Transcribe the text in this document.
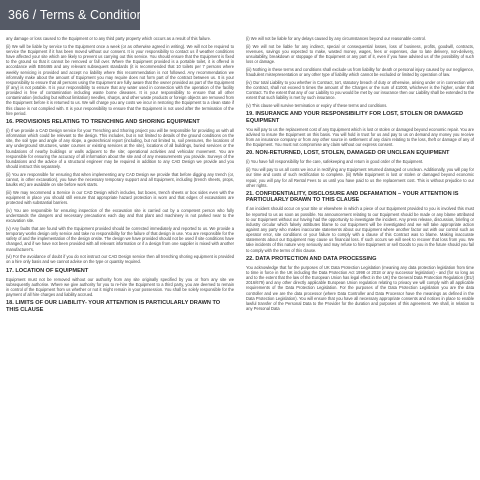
366
/
Terms & Conditions
any damage or loss caused to the Equipment or to any third party property which occurs as a result of this failure.
(ii) We will be liable by service to the Equipment once a week (or as otherwise agreed in writing). We will not be required to service the Equipment if it has been moved without our consent. It is your responsibility to contact us if weather conditions have affected your site which are likely to prevent us carrying out this service. You should ensure that the Equipment is fixed to the ground so that it cannot be removed or fall over. Where the Equipment provided is a portable toilet, it is offered in accordance with BS6465 and any relevant subsequent standards (it is recommended that 10 toilets per 7 persons where weekly servicing is provided and accept no liability where this recommendation is not followed. Any recommendation we informally make about the amount of Equipment you may require does not form part of the contract between us. It is your responsibility to ensure that all persons using the Equipment are fully aware that the owner provided as part of the Equipment (if any) is not potable. It is your responsibility to ensure that any water used in connection with the operation of the facility provided is free of contamination including waste borne diseases. It is your responsibility to ensure that all other contamination (including but without limitation) needles, sharps, and other waste products or foreign objects are removed from the Equipment before it is returned to us. We will charge you any costs we incur in restoring the Equipment to a clean state if this clause is not complied with. It is your responsibility to ensure that the Equipment is not used after the termination of the hire period.
16. PROVISIONS RELATING TO TRENCHING AND SHORING EQUIPMENT
(i) If we provide a CAD Design service for your Trenching and Shoring project you will be responsible for providing us with all information which could be relevant to the design. This includes, but is not limited to details of the ground conditions on the site, the soil type and angle of any slope, a geotechnical report (including, but not limited to, soil pressures, the locations of any underground structures, water courses or existing services at the site), locations of all buildings, buried services or the foundations of nearby buildings or walls adjacent to the site; operational activities and vehicular movement. You are responsible for ensuring the accuracy of all information about the site and of any measurements you provide. Surveys of the foundations and the advice of a structural engineer may be required in addition to any CAD Design we provide and you should instruct this separately.
(ii) You are responsible for ensuring that when implementing any CAD Design we provide that before digging any trench (or, cannot, in other excavation), you have the necessary temporary support and all Equipment, including (trench sheets, props, baulks etc) are available on site before work starts.
(iii) We may recommend a Service in our CAD Design which includes, but boxes, trench sheets or box sides even with the equipment in place you should still ensure that appropriate hazard protection is worn and that edges of excavations are protected with substantial barriers.
(iv) You are responsible for ensuring inspection of the excavation site is carried out by a competent person who fully understands the dangers and necessary precautions each day and that plant and machinery is not parked near to the excavation site.
(v) Any faults that are found with the Equipment provided should be corrected immediately and reported to us. We provide a temporary works design only service and take no responsibility for the failure of that design in use. You are responsible for the safety of and the implementation of the design onsite. The design we have provided should not be used if site conditions have changed, and if we have not been provided with all relevant information or if a design from one supplier is mixed with another manufacturer's.
(vi) For the avoidance of doubt if you do not instruct our CAD Design service then all trenching shoring equipment is provided on a hire only basis and we cannot advise on the type or quantity required.
17. LOCATION OF EQUIPMENT
Equipment must not be removed without our authority from any site originally specified by you or from any site we subsequently authorise. Where we give authority for you to re-hire the Equipment to a third party, you are deemed to remain in control of the Equipment from us whether or not it might remain in your possession. You shall be solely responsible for the payment of all hire charges and liability accrued.
18. LIMITS OF OUR LIABILITY- YOUR ATTENTION IS PARTICULARLY DRAWN TO THIS CLAUSE
(i) We will not be liable for any delays caused by any circumstances beyond our reasonable control.
(ii) We will not be liable for any indirect, special or consequential losses, loss of business, profits, goodwill, contracts, revenues, savings you expected to make, wasted money, wages, fees or expenses, due to late delivery, non-delivery, unsuitability, breakdown or stoppage of the Equipment or any part of it, even if you have advised us of the possibility of such loss or damage.
(iii) Nothing in these terms and conditions shall exclude us from liability for death or personal injury caused by our negligence, fraudulent misrepresentation or any other type of liability which cannot be excluded or limited by operation of law.
(iv) Our total Liability to you whether in Contract, tort, statutory breach of duty or otherwise, arising under or in connection with the contract, shall not exceed 5 times the amount of the Charges or the sum of £1000, whichever is the higher, under that Contract. To the extent that any of our Liability to you would be met by our insurance then our Liability shall be extended to the extent that such liability is met by such insurance.
(v) This clause will survive termination or expiry of these terms and conditions.
19. INSURANCE AND YOUR RESPONSIBILITY FOR LOST, STOLEN OR DAMAGED EQUIPMENT
You will pay to us the replacement cost of any Equipment which is lost or stolen or damaged beyond economic repair. You are advised to insure the Equipment on this basis. You will hold in trust for us and pay to us on demand any money you receive from an insurance company or from any other source in settlement of any claim relating to the loss, theft or damage of any of the Equipment. You must not compromise any claim without our express consent.
20. NON-RETURNED, LOST, STOLEN, DAMAGED OR UNCLEAN EQUIPMENT
(i) You have full responsibility for the care, safekeeping and return in good order of the Equipment.
(ii) You will pay to us all costs we incur in rectifying any Equipment returned damaged or unclean. Additionally, you will pay for our time and costs of such rectification to complete. (iii) While Equipment is lost or stolen or damaged beyond economic repair, you will pay for all Rental Fees to us until you have paid to us the replacement cost. This is without prejudice to our other rights.
21. CONFIDENTIALITY, DISCLOSURE AND DEFAMATION – YOUR ATTENTION IS PARTICULARLY DRAWN TO THIS CLAUSE
If an incident should occur on your Site or elsewhere in which a piece of our Equipment provided to you is involved this must be reported to us as soon as possible. No announcement relating to our Equipment should be made or any blame attributed to our Equipment without our having had the opportunity to investigate the incident. Any press release, discussion, briefing or industry circular which falsely attributes blame to our Equipment will be investigated and we will take appropriate action against any party who makes inaccurate statements about our Equipment where another factor out with our control such as operator error, site conditions or your failure to comply with a clause of this Contract was to blame. Making inaccurate statements about our Equipment may cause us financial loss. If such occurs we will seek to recover that loss from you. We take incidents of this nature very seriously and may refuse to hire Equipment or sell Goods to you in the future should you fail to comply with the terms of this clause.
22. DATA PROTECTION AND DATA PROCESSING
You acknowledge that for the purposes of UK Data Protection Legislation (meaning any data protection legislation from time to time in force in the UK including the Data Protection Act 1998 or 2018 or any successor legislation) - and (for so long as and to the extent that the law of the European Union has legal effect in the UK) the General Data Protection Regulation ((EU) 2016/679) and any other directly applicable European Union regulation relating to privacy we will comply with all applicable requirements of the Data Protection Legislation. For the purposes of the Data Protection Legislation you are the data controller and we are the data processor (where Data Controller and Data Processor have the meanings as defined in the Data Protection Legislation). You will ensure that you have all necessary appropriate consents and notices in place to enable lawful transfer of the Personal Data to the Provider for the duration and purposes of this agreement. We shall, in relation to any Personal Data
